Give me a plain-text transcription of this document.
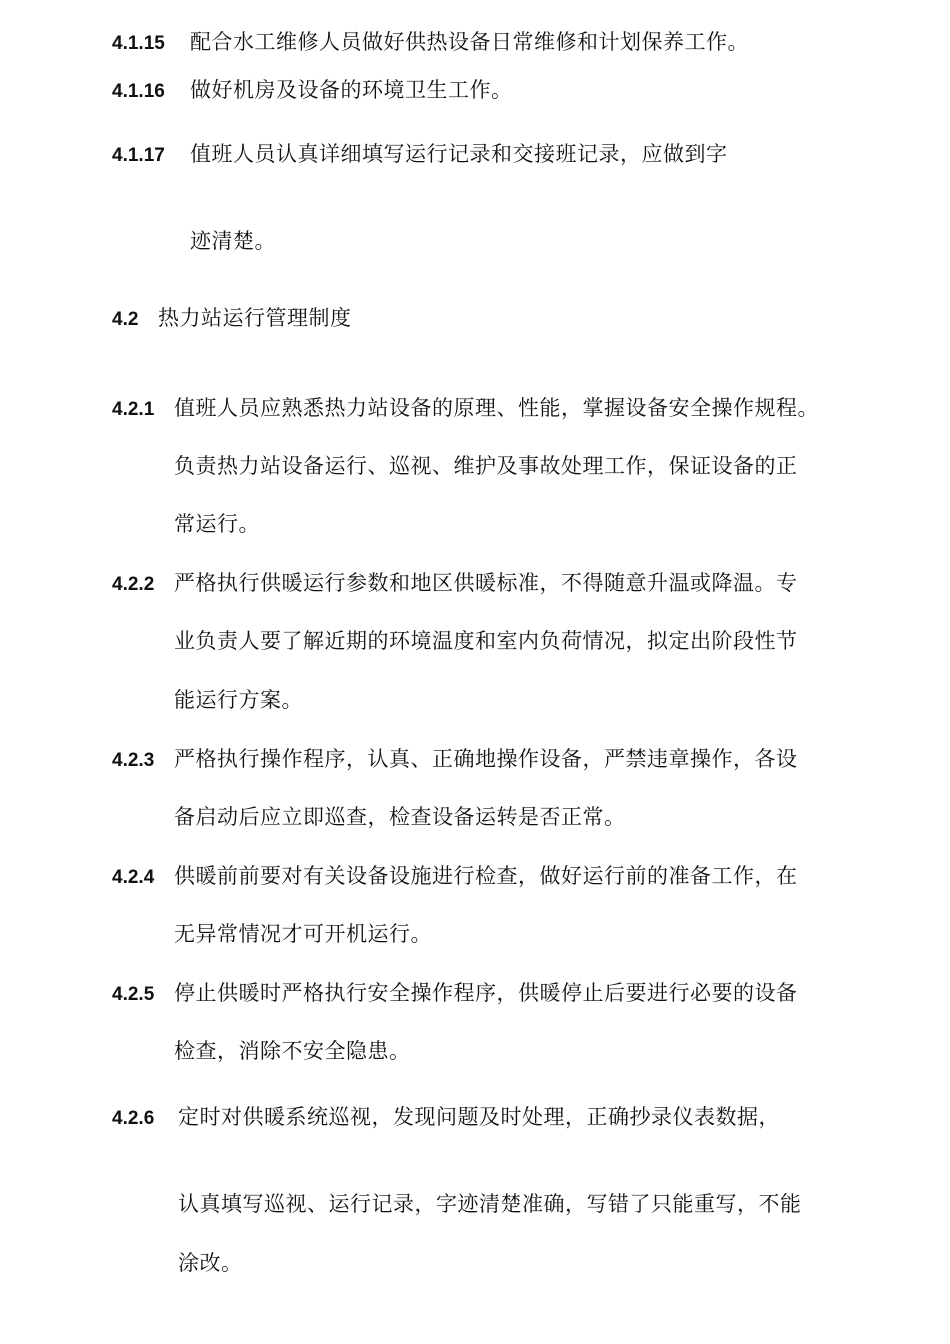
4.1.15 配合水工维修人员做好供热设备日常维修和计划保养工作。
4.1.16 做好机房及设备的环境卫生工作。
4.1.17 值班人员认真详细填写运行记录和交接班记录，应做到字
迹清楚。
4.2 热力站运行管理制度
4.2.1 值班人员应熟悉热力站设备的原理、性能，掌握设备安全操作规程。
负责热力站设备运行、巡视、维护及事故处理工作，保证设备的正
常运行。
4.2.2 严格执行供暖运行参数和地区供暖标准，不得随意升温或降温。专
业负责人要了解近期的环境温度和室内负荷情况，拟定出阶段性节
能运行方案。
4.2.3 严格执行操作程序，认真、正确地操作设备，严禁违章操作，各设
备启动后应立即巡查，检查设备运转是否正常。
4.2.4 供暖前前要对有关设备设施进行检查，做好运行前的准备工作，在
无异常情况才可开机运行。
4.2.5 停止供暖时严格执行安全操作程序，供暖停止后要进行必要的设备
检查，消除不安全隐患。
4.2.6 定时对供暖系统巡视，发现问题及时处理，正确抄录仪表数据，
认真填写巡视、运行记录，字迹清楚准确，写错了只能重写，不能
涂改。
